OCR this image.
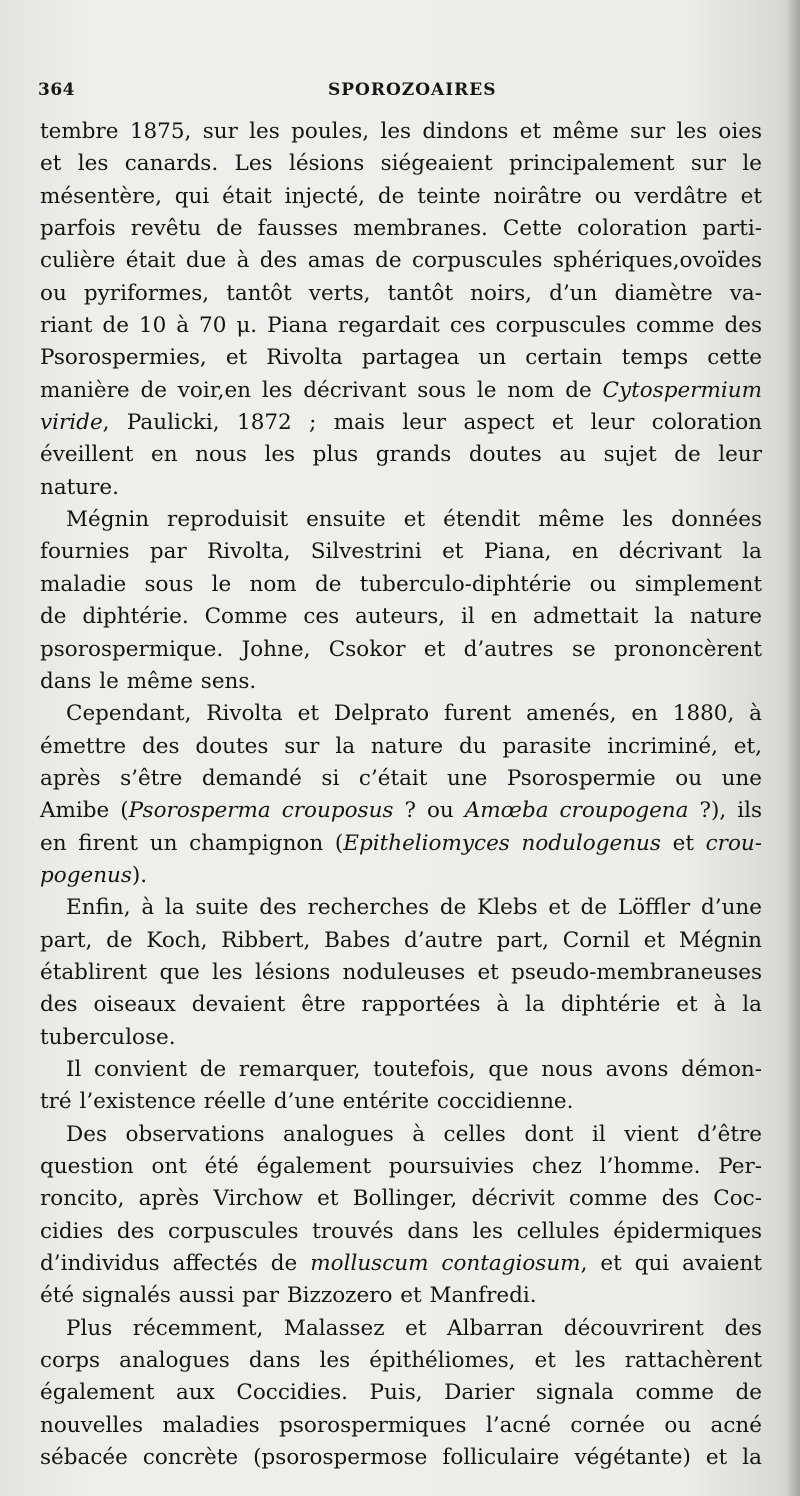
364	SPOROZOAIRES
tembre 1875, sur les poules, les dindons et même sur les oies
et les canards. Les lésions siégeaient principalement sur le
mésentère, qui était injecté, de teinte noirâtre ou verdâtre et
parfois revêtu de fausses membranes. Cette coloration parti-
culière était due à des amas de corpuscules sphériques,ovoïdes
ou pyriformes, tantôt verts, tantôt noirs, d’un diamètre va-
riant de 10 à 70 μ. Piana regardait ces corpuscules comme des
Psorospermies, et Rivolta partagea un certain temps cette
manière de voir,en les décrivant sous le nom de Cytospermium
viride, Paulicki, 1872 ; mais leur aspect et leur coloration
éveillent en nous les plus grands doutes au sujet de leur
nature.
Mégnin reproduisit ensuite et étendit même les données
fournies par Rivolta, Silvestrini et Piana, en décrivant la
maladie sous le nom de tuberculo-diphtérie ou simplement
de diphtérie. Comme ces auteurs, il en admettait la nature
psorospermique. Johne, Csokor et d’autres se prononcèrent
dans le même sens.
Cependant, Rivolta et Delprato furent amenés, en 1880, à
émettre des doutes sur la nature du parasite incriminé, et,
après s’être demandé si c’était une Psorospermie ou une
Amibe (Psorosperma crouposus ? ou Amœba croupogena ?), ils
en firent un champignon (Epitheliomyces nodulogenus et crou-
pogenus).
Enfin, à la suite des recherches de Klebs et de Löffler d’une
part, de Koch, Ribbert, Babes d’autre part, Cornil et Mégnin
établirent que les lésions noduleuses et pseudo-membraneuses
des oiseaux devaient être rapportées à la diphtérie et à la
tuberculose.
Il convient de remarquer, toutefois, que nous avons démon-
tré l’existence réelle d’une entérite coccidienne.
Des observations analogues à celles dont il vient d’être
question ont été également poursuivies chez l’homme. Per-
roncito, après Virchow et Bollinger, décrivit comme des Coc-
cidies des corpuscules trouvés dans les cellules épidermiques
d’individus affectés de molluscum contagiosum, et qui avaient
été signalés aussi par Bizzozero et Manfredi.
Plus récemment, Malassez et Albarran découvrirent des
corps analogues dans les épithéliomes, et les rattachèrent
également aux Coccidies. Puis, Darier signala comme de
nouvelles maladies psorospermiques l’acné cornée ou acné
sébacée concrète (psorospermose folliculaire végétante) et la
